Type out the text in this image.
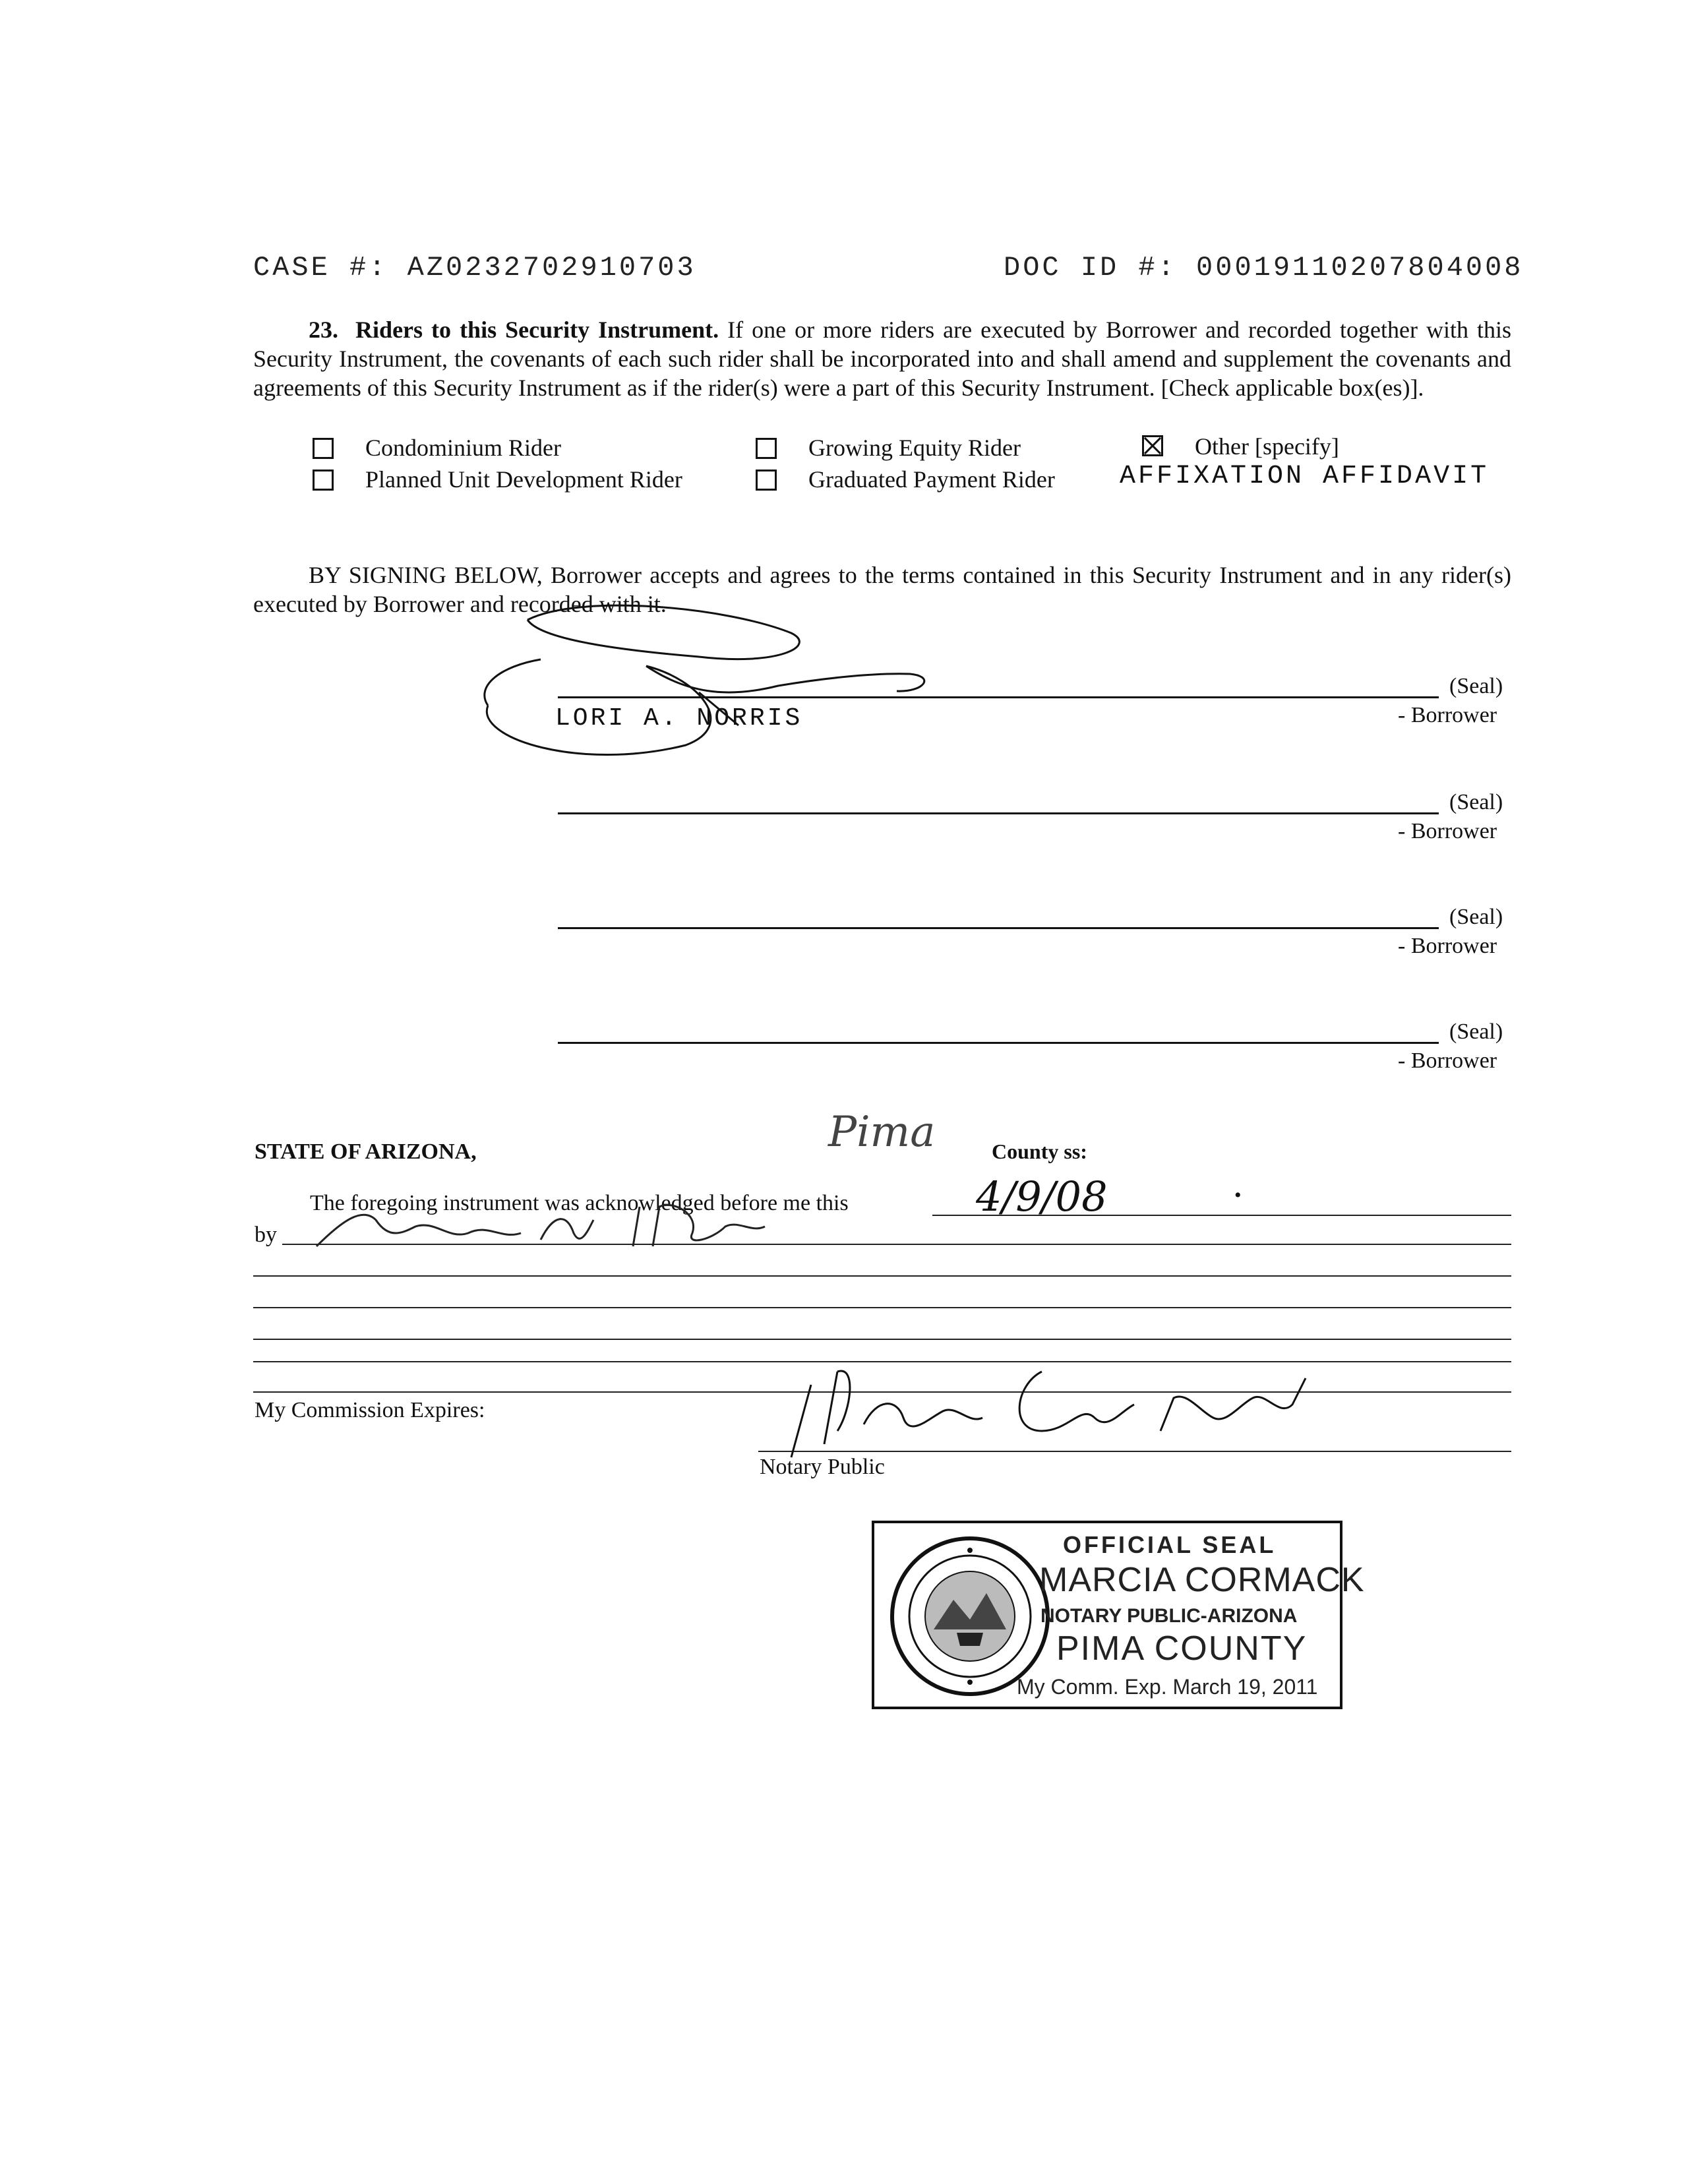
CASE #: AZ0232702910703	DOC ID #: 00019110207804008
23. Riders to this Security Instrument. If one or more riders are executed by Borrower and recorded together with this Security Instrument, the covenants of each such rider shall be incorporated into and shall amend and supplement the covenants and agreements of this Security Instrument as if the rider(s) were a part of this Security Instrument. [Check applicable box(es)].
Condominium Rider
Planned Unit Development Rider
Growing Equity Rider
Graduated Payment Rider
Other [specify]
AFFIXATION AFFIDAVIT
BY SIGNING BELOW, Borrower accepts and agrees to the terms contained in this Security Instrument and in any rider(s) executed by Borrower and recorded with it.
(Seal)
- Borrower
LORI A. NORRIS
(Seal)
- Borrower
(Seal)
- Borrower
(Seal)
- Borrower
STATE OF ARIZONA,	Pima	County ss:
The foregoing instrument was acknowledged before me this	4/9/08	•
by
My Commission Expires:
Notary Public
OFFICIAL SEAL
MARCIA CORMACK
NOTARY PUBLIC-ARIZONA
PIMA COUNTY
My Comm. Exp. March 19, 2011
